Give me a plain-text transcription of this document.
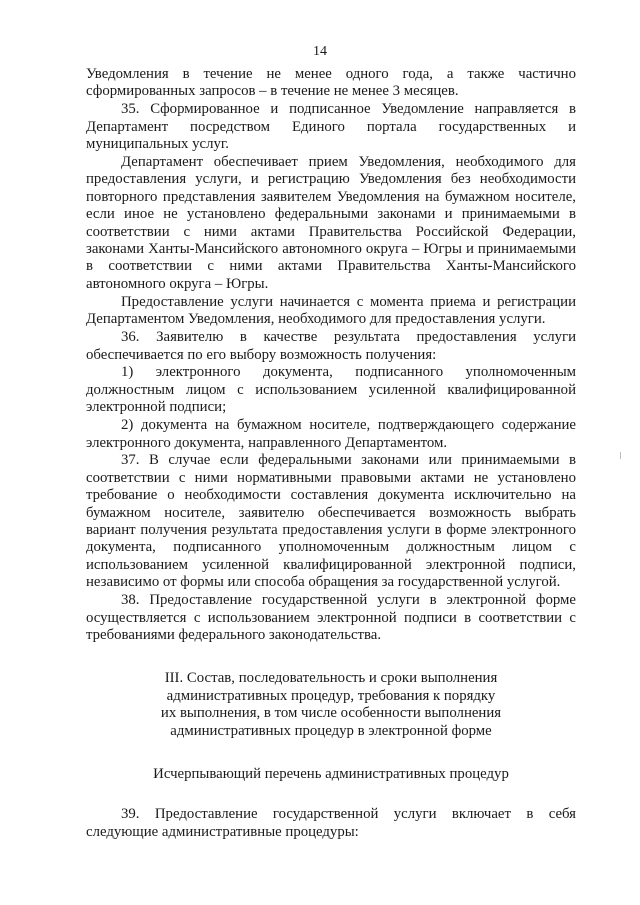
14

Уведомления в течение не менее одного года, а также частично сформированных запросов – в течение не менее 3 месяцев.

35. Сформированное и подписанное Уведомление направляется в Департамент посредством Единого портала государственных и муниципальных услуг.

Департамент обеспечивает прием Уведомления, необходимого для предоставления услуги, и регистрацию Уведомления без необходимости повторного представления заявителем Уведомления на бумажном носителе, если иное не установлено федеральными законами и принимаемыми в соответствии с ними актами Правительства Российской Федерации, законами Ханты-Мансийского автономного округа – Югры и принимаемыми в соответствии с ними актами Правительства Ханты-Мансийского автономного округа – Югры.

Предоставление услуги начинается с момента приема и регистрации Департаментом Уведомления, необходимого для предоставления услуги.

36. Заявителю в качестве результата предоставления услуги обеспечивается по его выбору возможность получения:

1) электронного документа, подписанного уполномоченным должностным лицом с использованием усиленной квалифицированной электронной подписи;

2) документа на бумажном носителе, подтверждающего содержание электронного документа, направленного Департаментом.

37. В случае если федеральными законами или принимаемыми в соответствии с ними нормативными правовыми актами не установлено требование о необходимости составления документа исключительно на бумажном носителе, заявителю обеспечивается возможность выбрать вариант получения результата предоставления услуги в форме электронного документа, подписанного уполномоченным должностным лицом с использованием усиленной квалифицированной электронной подписи, независимо от формы или способа обращения за государственной услугой.

38. Предоставление государственной услуги в электронной форме осуществляется с использованием электронной подписи в соответствии с требованиями федерального законодательства.

III. Состав, последовательность и сроки выполнения
административных процедур, требования к порядку
их выполнения, в том числе особенности выполнения
административных процедур в электронной форме

Исчерпывающий перечень административных процедур

39. Предоставление государственной услуги включает в себя следующие административные процедуры:
